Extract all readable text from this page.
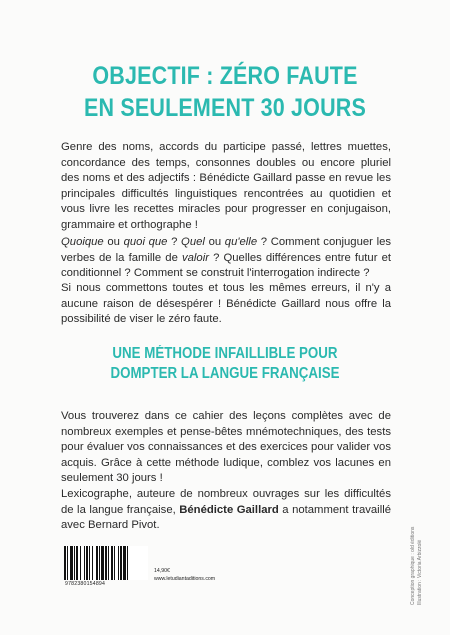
OBJECTIF : ZÉRO FAUTE
EN SEULEMENT 30 JOURS

Genre des noms, accords du participe passé, lettres muettes, concordance des temps, consonnes doubles ou encore pluriel des noms et des adjectifs : Bénédicte Gaillard passe en revue les principales difficultés linguistiques rencontrées au quotidien et vous livre les recettes miracles pour progresser en conjugaison, grammaire et orthographe !

Quoique ou quoi que ? Quel ou qu'elle ? Comment conjuguer les verbes de la famille de valoir ? Quelles différences entre futur et conditionnel ? Comment se construit l'interrogation indirecte ?

Si nous commettons toutes et tous les mêmes erreurs, il n'y a aucune raison de désespérer ! Bénédicte Gaillard nous offre la possibilité de viser le zéro faute.

UNE MÉTHODE INFAILLIBLE POUR
DOMPTER LA LANGUE FRANÇAISE

Vous trouverez dans ce cahier des leçons complètes avec de nombreux exemples et pense-bêtes mnémotechniques, des tests pour évaluer vos connaissances et des exercices pour valider vos acquis. Grâce à cette méthode ludique, comblez vos lacunes en seulement 30 jours !

Lexicographe, auteure de nombreux ouvrages sur les difficultés de la langue française, Bénédicte Gaillard a notamment travaillé avec Bernard Pivot.

Conception graphique : old éditions Illustration : Victoria Arbizzolé
9782380154894
14,90€
www.letudiantaditions.com
